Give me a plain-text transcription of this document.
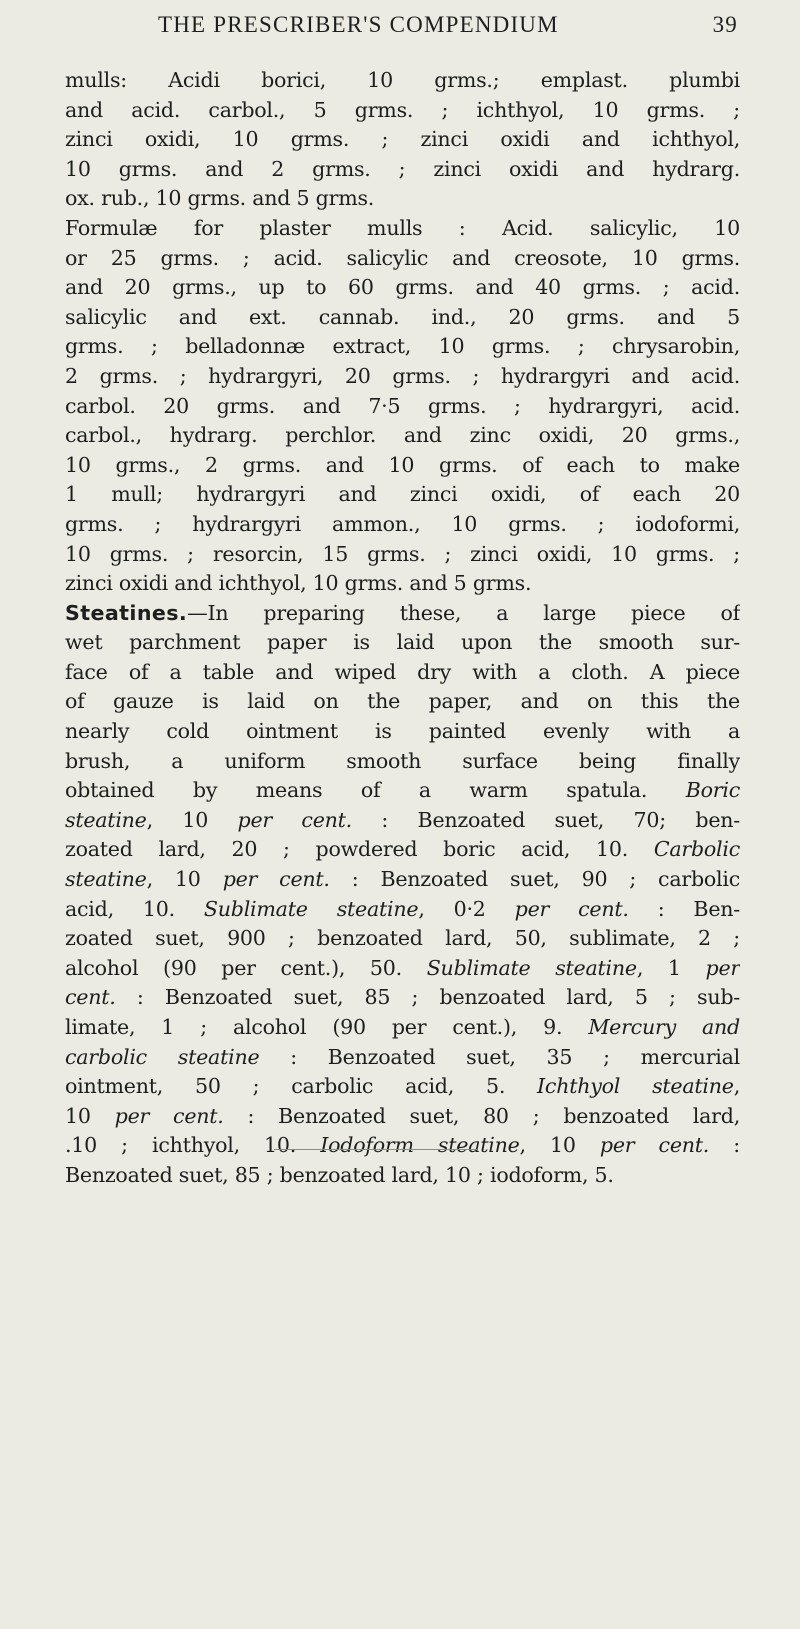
THE PRESCRIBER'S COMPENDIUM	39
mulls: Acidi borici, 10 grms.; emplast. plumbi
and acid. carbol., 5 grms. ; ichthyol, 10 grms. ;
zinci oxidi, 10 grms. ; zinci oxidi and ichthyol,
10 grms. and 2 grms. ; zinci oxidi and hydrarg.
ox. rub., 10 grms. and 5 grms.
Formulæ for plaster mulls : Acid. salicylic, 10
or 25 grms. ; acid. salicylic and creosote, 10 grms.
and 20 grms., up to 60 grms. and 40 grms. ; acid.
salicylic and ext. cannab. ind., 20 grms. and 5
grms. ; belladonnæ extract, 10 grms. ; chrysarobin,
2 grms. ; hydrargyri, 20 grms. ; hydrargyri and acid.
carbol. 20 grms. and 7·5 grms. ; hydrargyri, acid.
carbol., hydrarg. perchlor. and zinc oxidi, 20 grms.,
10 grms., 2 grms. and 10 grms. of each to make
1 mull; hydrargyri and zinci oxidi, of each 20
grms. ; hydrargyri ammon., 10 grms. ; iodoformi,
10 grms. ; resorcin, 15 grms. ; zinci oxidi, 10 grms. ;
zinci oxidi and ichthyol, 10 grms. and 5 grms.
Steatines.—In preparing these, a large piece of
wet parchment paper is laid upon the smooth sur-
face of a table and wiped dry with a cloth. A piece
of gauze is laid on the paper, and on this the
nearly cold ointment is painted evenly with a
brush, a uniform smooth surface being finally
obtained by means of a warm spatula. Boric
steatine, 10 per cent. : Benzoated suet, 70; ben-
zoated lard, 20 ; powdered boric acid, 10. Carbolic
steatine, 10 per cent. : Benzoated suet, 90 ; carbolic
acid, 10. Sublimate steatine, 0·2 per cent. : Ben-
zoated suet, 900 ; benzoated lard, 50, sublimate, 2 ;
alcohol (90 per cent.), 50. Sublimate steatine, 1 per
cent. : Benzoated suet, 85 ; benzoated lard, 5 ; sub-
limate, 1 ; alcohol (90 per cent.), 9. Mercury and
carbolic steatine : Benzoated suet, 35 ; mercurial
ointment, 50 ; carbolic acid, 5. Ichthyol steatine,
10 per cent. : Benzoated suet, 80 ; benzoated lard,
.10 ; ichthyol, 10. Iodoform steatine, 10 per cent. :
Benzoated suet, 85 ; benzoated lard, 10 ; iodoform, 5.
